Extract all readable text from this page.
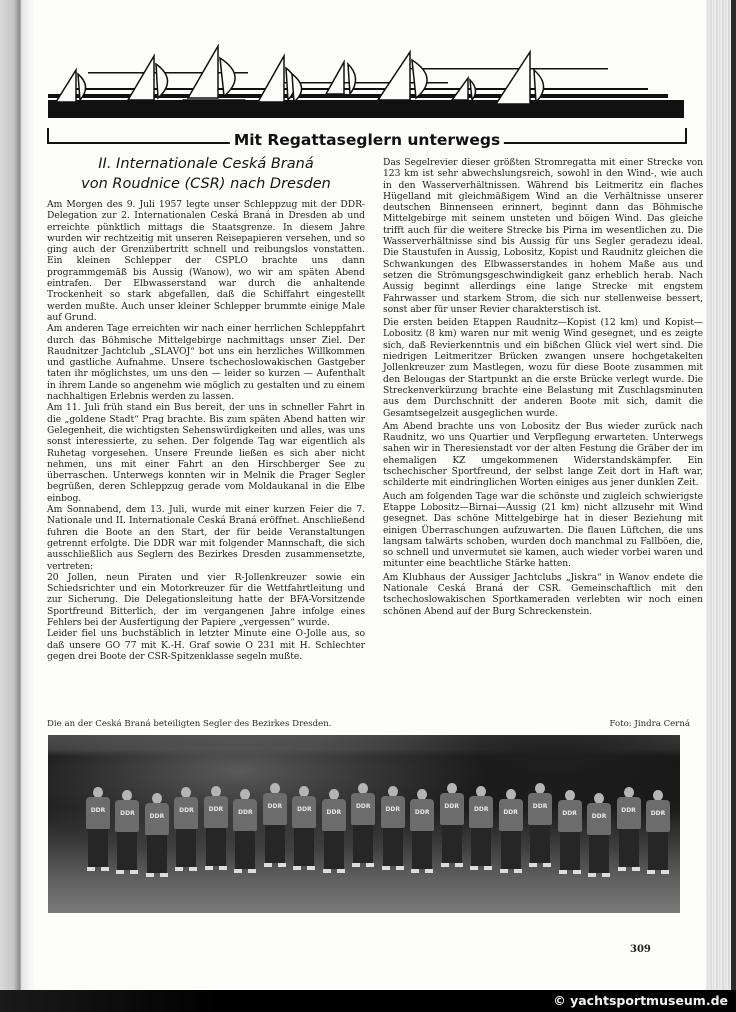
Mit Regattaseglern unterwegs
II. Internationale Ceská Braná
von Roudnice (CSR) nach Dresden

Am Morgen des 9. Juli 1957 legte unser Schleppzug mit der DDR-Delegation zur 2. Internationalen Ceská Braná in Dresden ab und erreichte pünktlich mittags die Staatsgrenze. In diesem Jahre wurden wir rechtzeitig mit unseren Reisepapieren versehen, und so ging auch der Grenzübertritt schnell und reibungslos vonstatten. Ein kleinen Schlepper der CSPLO brachte uns dann programmgemäß bis Aussig (Wanow), wo wir am späten Abend eintrafen. Der Elbwasserstand war durch die anhaltende Trockenheit so stark abgefallen, daß die Schiffahrt eingestellt werden mußte. Auch unser kleiner Schlepper brummte einige Male auf Grund.

Am anderen Tage erreichten wir nach einer herrlichen Schleppfahrt durch das Böhmische Mittelgebirge nachmittags unser Ziel. Der Raudnitzer Jachtclub „SLAVOJ“ bot uns ein herzliches Willkommen und gastliche Aufnahme. Unsere tschechoslowakischen Gastgeber taten ihr möglichstes, um uns den — leider so kurzen — Aufenthalt in ihrem Lande so angenehm wie möglich zu gestalten und zu einem nachhaltigen Erlebnis werden zu lassen.

Am 11. Juli früh stand ein Bus bereit, der uns in schneller Fahrt in die „goldene Stadt“ Prag brachte. Bis zum späten Abend hatten wir Gelegenheit, die wichtigsten Sehenswürdigkeiten und alles, was uns sonst interessierte, zu sehen. Der folgende Tag war eigentlich als Ruhetag vorgesehen. Unsere Freunde ließen es sich aber nicht nehmen, uns mit einer Fahrt an den Hirschberger See zu überraschen. Unterwegs konnten wir in Melnik die Prager Segler begrüßen, deren Schleppzug gerade vom Moldaukanal in die Elbe einbog.

Am Sonnabend, dem 13. Juli, wurde mit einer kurzen Feier die 7. Nationale und II. Internationale Ceská Braná eröffnet. Anschließend fuhren die Boote an den Start, der für beide Veranstaltungen getrennt erfolgte. Die DDR war mit folgender Mannschaft, die sich ausschließlich aus Seglern des Bezirkes Dresden zusammensetzte, vertreten:

20 Jollen, neun Piraten und vier R-Jollenkreuzer sowie ein Schiedsrichter und ein Motorkreuzer für die Wettfahrtleitung und zur Sicherung. Die Delegationsleitung hatte der BFA-Vorsitzende Sportfreund Bitterlich, der im vergangenen Jahre infolge eines Fehlers bei der Ausfertigung der Papiere „vergessen“ wurde.

Leider fiel uns buchstäblich in letzter Minute eine O-Jolle aus, so daß unsere GO 77 mit K.-H. Graf sowie O 231 mit H. Schlechter gegen drei Boote der CSR-Spitzenklasse segeln mußte.

Das Segelrevier dieser größten Stromregatta mit einer Strecke von 123 km ist sehr abwechslungsreich, sowohl in den Wind-, wie auch in den Wasserverhältnissen. Während bis Leitmeritz ein flaches Hügelland mit gleichmäßigem Wind an die Verhältnisse unserer deutschen Binnenseen erinnert, beginnt dann das Böhmische Mittelgebirge mit seinem unsteten und böigen Wind. Das gleiche trifft auch für die weitere Strecke bis Pirna im wesentlichen zu. Die Wasserverhältnisse sind bis Aussig für uns Segler geradezu ideal. Die Staustufen in Aussig, Lobositz, Kopist und Raudnitz gleichen die Schwankungen des Elbwasserstandes in hohem Maße aus und setzen die Strömungsgeschwindigkeit ganz erheblich herab. Nach Aussig beginnt allerdings eine lange Strecke mit engstem Fahrwasser und starkem Strom, die sich nur stellenweise bessert, sonst aber für unser Revier charakterstisch ist.

Die ersten beiden Etappen Raudnitz—Kopist (12 km) und Kopist—Lobositz (8 km) waren nur mit wenig Wind gesegnet, und es zeigte sich, daß Revierkenntnis und ein bißchen Glück viel wert sind. Die niedrigen Leitmeritzer Brücken zwangen unsere hochgetakelten Jollenkreuzer zum Mastlegen, wozu für diese Boote zusammen mit den Belougas der Startpunkt an die erste Brücke verlegt wurde. Die Streckenverkürzung brachte eine Belastung mit Zuschlagsminuten aus dem Durchschnitt der anderen Boote mit sich, damit die Gesamtsegelzeit ausgeglichen wurde.

Am Abend brachte uns von Lobositz der Bus wieder zurück nach Raudnitz, wo uns Quartier und Verpflegung erwarteten. Unterwegs sahen wir in Theresienstadt vor der alten Festung die Gräber der im ehemaligen KZ umgekommenen Widerstandskämpfer. Ein tschechischer Sportfreund, der selbst lange Zeit dort in Haft war, schilderte mit eindringlichen Worten einiges aus jener dunklen Zeit.

Auch am folgenden Tage war die schönste und zugleich schwierigste Etappe Lobositz—Birnai—Aussig (21 km) nicht allzusehr mit Wind gesegnet. Das schöne Mittelgebirge hat in dieser Beziehung mit einigen Überraschungen aufzuwarten. Die flauen Lüftchen, die uns langsam talwärts schoben, wurden doch manchmal zu Fallböen, die, so schnell und unvermutet sie kamen, auch wieder vorbei waren und mitunter eine beachtliche Stärke hatten.

Am Klubhaus der Aussiger Jachtclubs „Jiskra“ in Wanov endete die Nationale Ceská Braná der CSR. Gemeinschaftlich mit den tschechoslowakischen Sportkameraden verlebten wir noch einen schönen Abend auf der Burg Schreckenstein.

Die an der Ceská Braná beteiligten Segler des Bezirkes Dresden.	Foto: Jindra Cerná
DDR	DDR	DDR
DDR	DDR	DDR
DDR	DDR	DDR
DDR	DDR	DDR
DDR	DDR	DDR
DDR
DDR	DDR
DDR	DDR
309
© yachtsportmuseum.de
